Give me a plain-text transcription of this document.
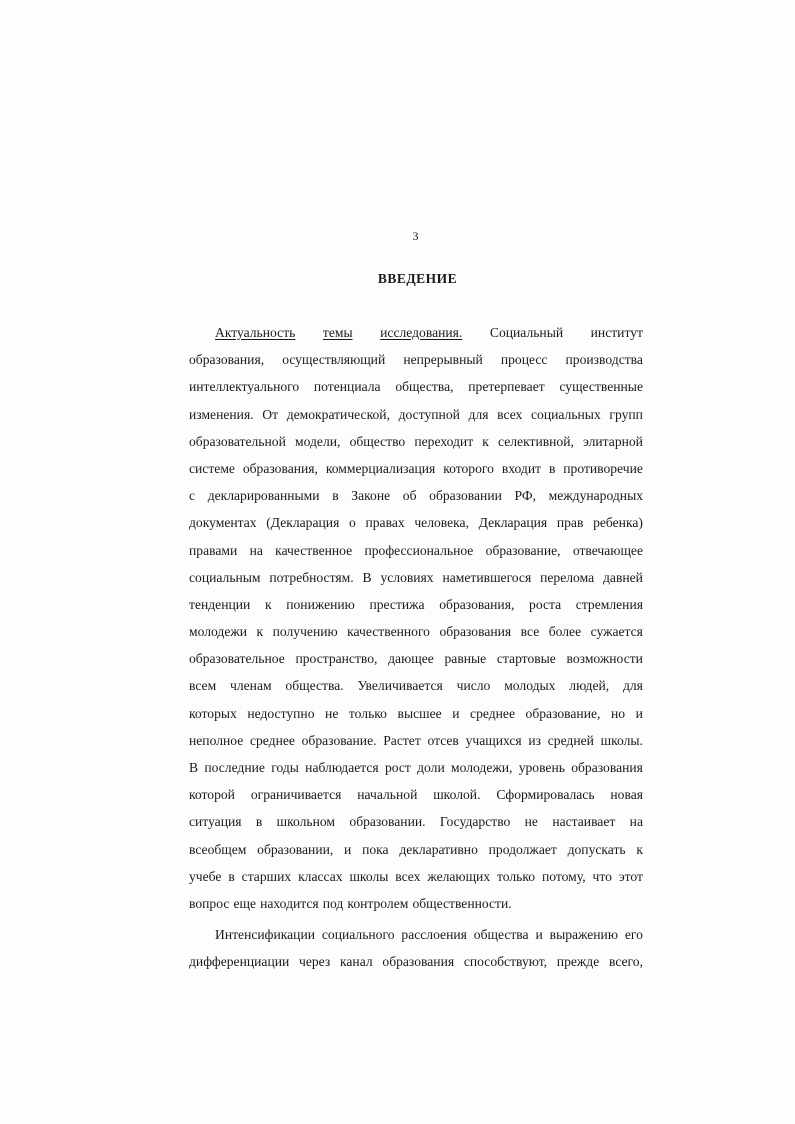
3
ВВЕДЕНИЕ
Актуальность темы исследования. Социальный институт
образования, осуществляющий непрерывный процесс производства
интеллектуального потенциала общества, претерпевает существенные
изменения. От демократической, доступной для всех социальных групп
образовательной модели, общество переходит к селективной, элитарной
системе образования, коммерциализация которого входит в противоречие
с декларированными в Законе об образовании РФ, международных
документах (Декларация о правах человека, Декларация прав ребенка)
правами на качественное профессиональное образование, отвечающее
социальным потребностям. В условиях наметившегося перелома давней
тенденции к понижению престижа образования, роста стремления
молодежи к получению качественного образования все более сужается
образовательное пространство, дающее равные стартовые возможности
всем членам общества. Увеличивается число молодых людей, для
которых недоступно не только высшее и среднее образование, но и
неполное среднее образование. Растет отсев учащихся из средней школы.
В последние годы наблюдается рост доли молодежи, уровень образования
которой ограничивается начальной школой. Сформировалась новая
ситуация в школьном образовании. Государство не настаивает на
всеобщем образовании, и пока декларативно продолжает допускать к
учебе в старших классах школы всех желающих только потому, что этот
вопрос еще находится под контролем общественности.
Интенсификации социального расслоения общества и выражению его
дифференциации через канал образования способствуют, прежде всего,
